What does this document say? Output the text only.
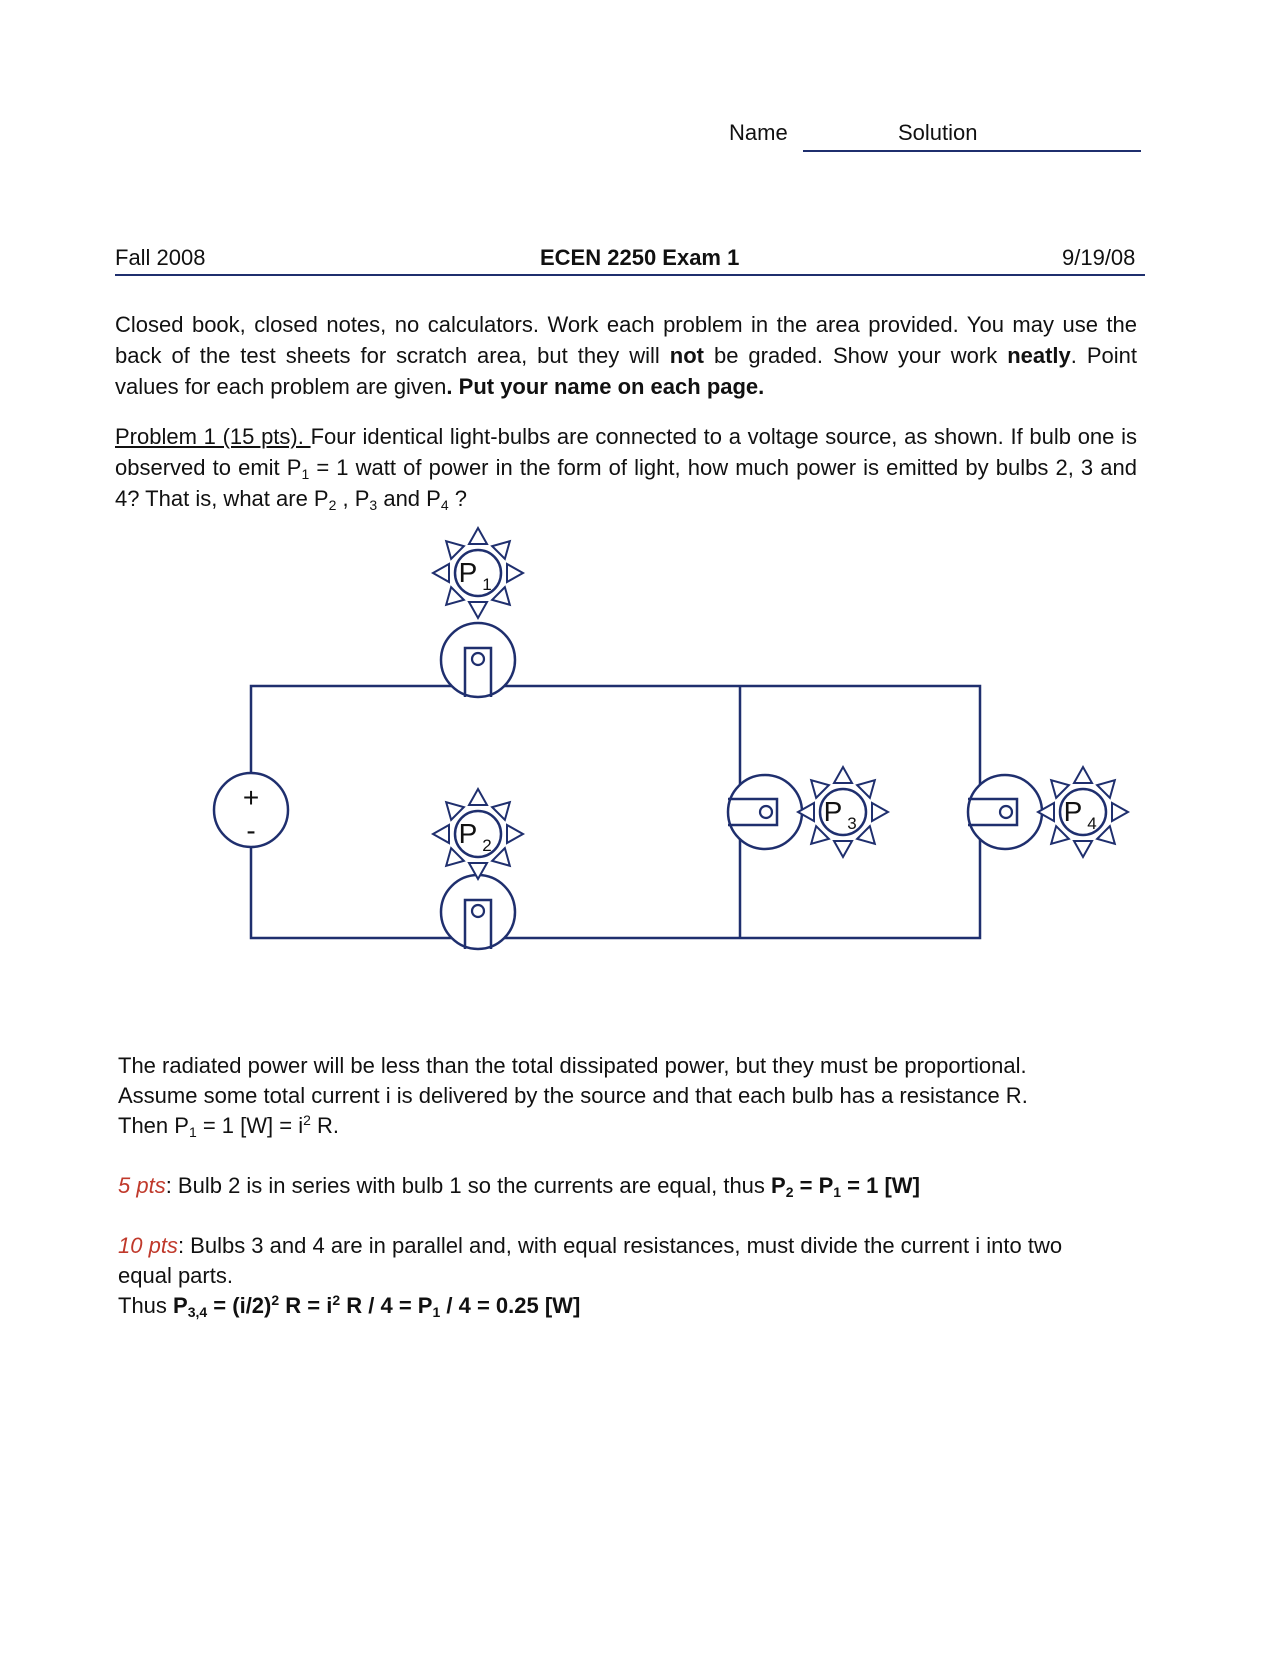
Name	Solution
Fall 2008	ECEN 2250 Exam 1	9/19/08
Closed book, closed notes, no calculators. Work each problem in the area provided. You may use the back of the test sheets for scratch area, but they will not be graded. Show your work neatly. Point values for each problem are given. Put your name on each page.
Problem 1 (15 pts). Four identical light-bulbs are connected to a voltage source, as shown. If bulb one is observed to emit $P_1 = 1$ watt of power in the form of light, how much power is emitted by bulbs 2, 3 and 4? That is, what are $P_2$ , $P_3$ and $P_4$ ?
+
-
P 1
P 2
P 3	P 4
The radiated power will be less than the total dissipated power, but they must be proportional.
Assume some total current i is delivered by the source and that each bulb has a resistance R.
Then $P_1 = 1$ $[W] = i^2$ R.
5 pts: Bulb 2 is in series with bulb 1 so the currents are equal, thus $P_2 = P_1 = 1$ [W]
10 pts: Bulbs 3 and 4 are in parallel and, with equal resistances, must divide the current i into two equal parts.
Thus $P_{3,4} = (i/2)^2$ $R = i^2$ $R / 4 = P_1 / 4 = 0.25$ [W]
